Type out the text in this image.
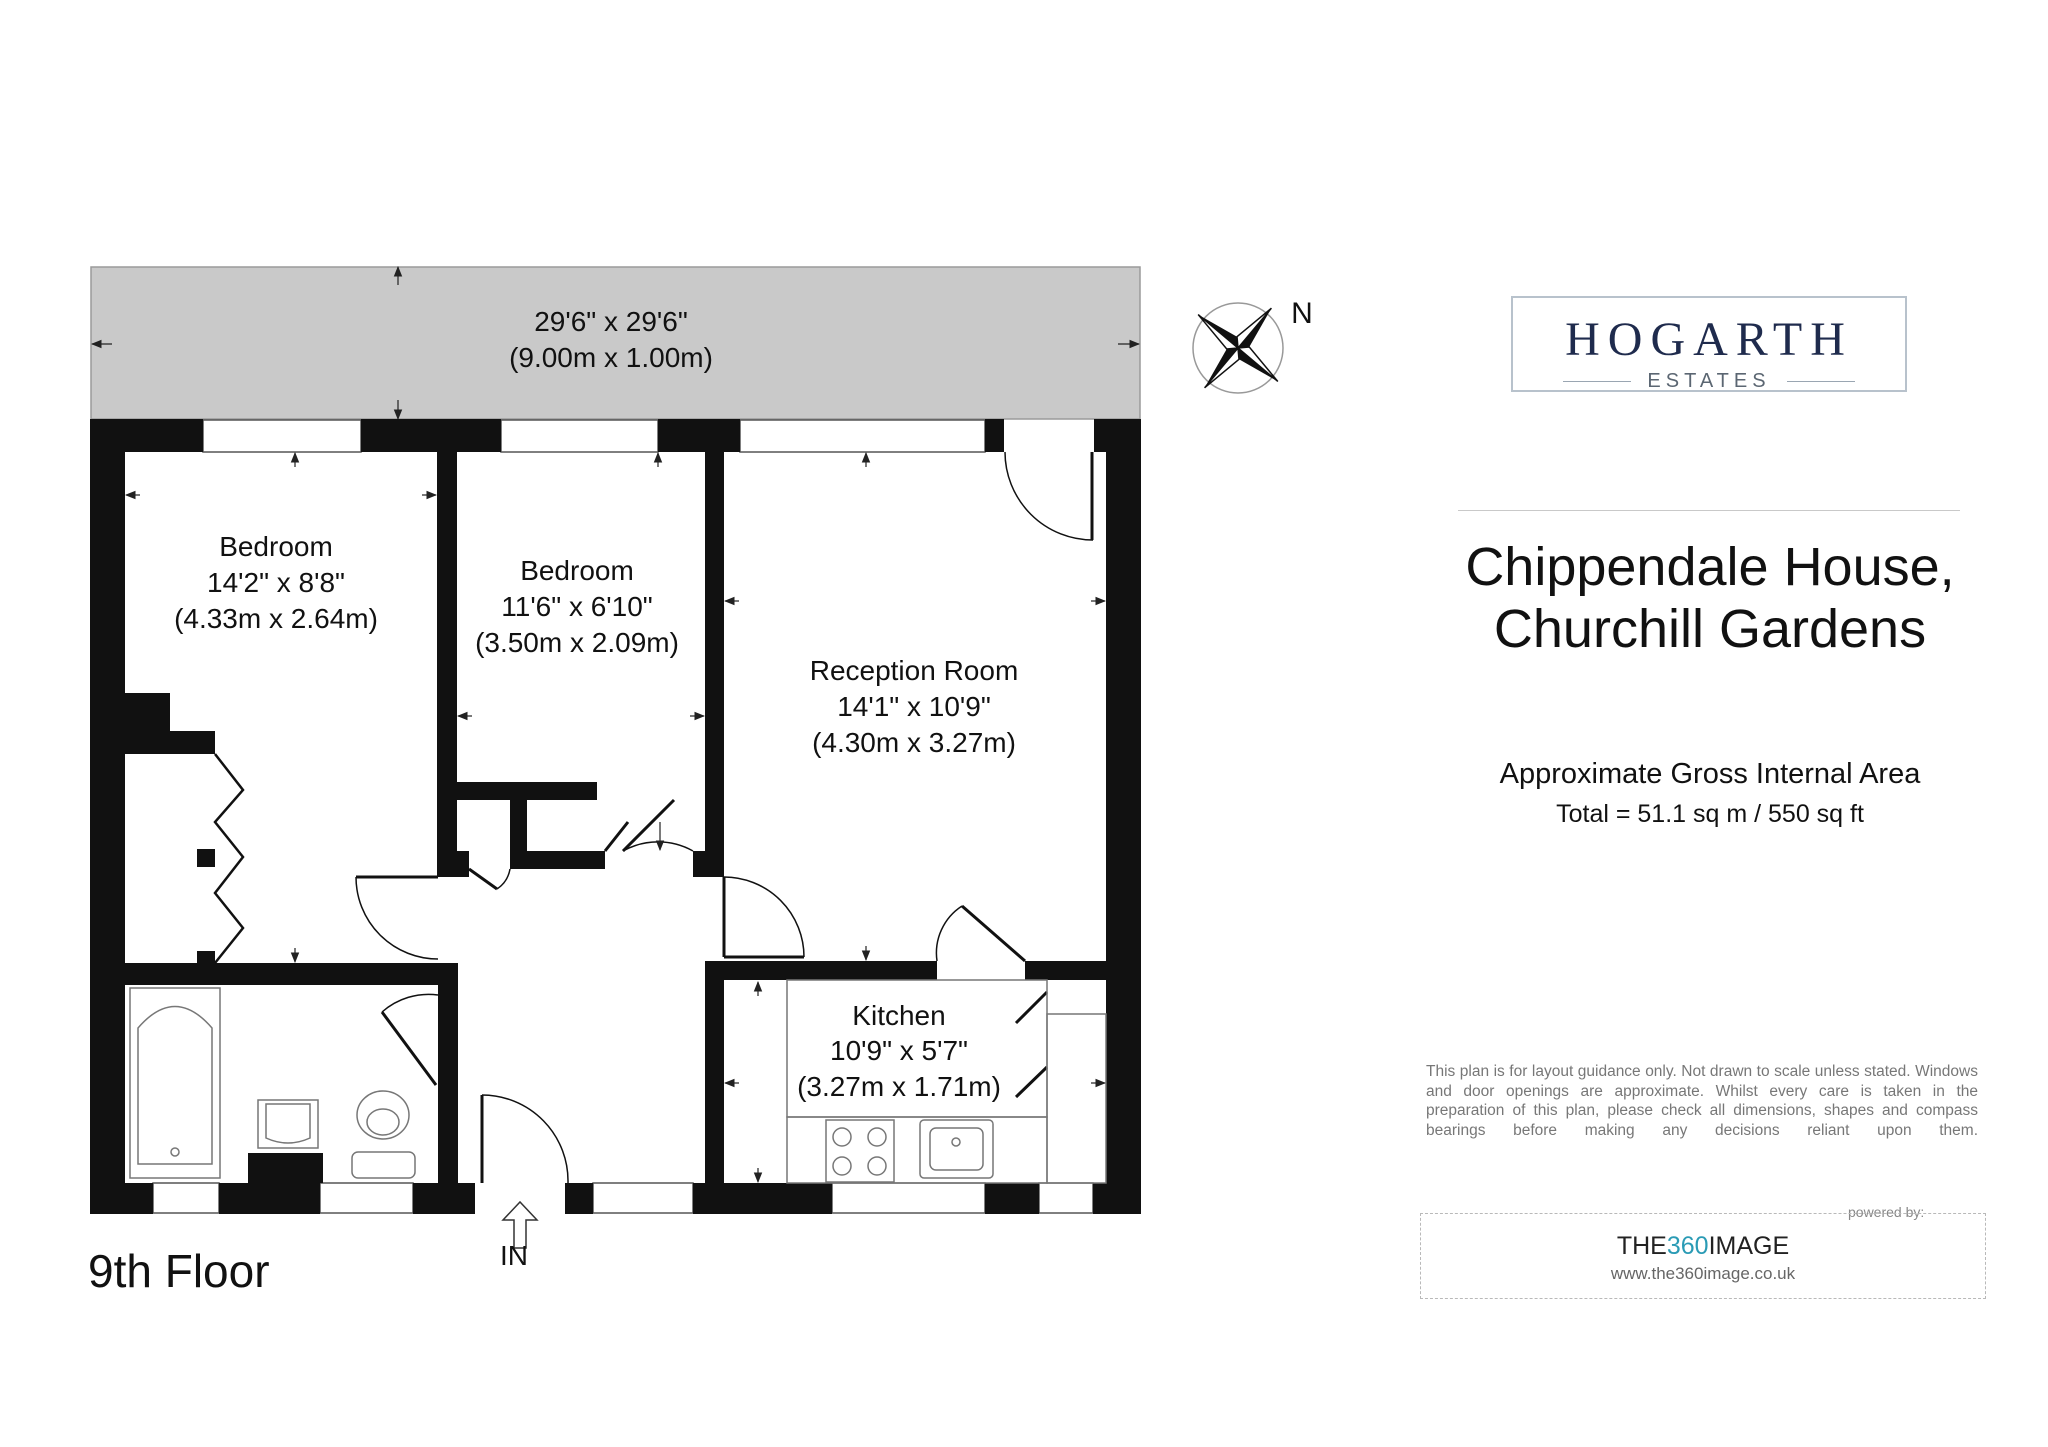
29'6" x 29'6"
(9.00m x 1.00m)
Bedroom
14'2" x 8'8"
(4.33m x 2.64m)
Bedroom
11'6" x 6'10"
(3.50m x 2.09m)
Reception Room
14'1" x 10'9"
(4.30m x 3.27m)
Kitchen
10'9" x 5'7"
(3.27m x 1.71m)
N	HOGARTH
ESTATES
Chippendale House,
Churchill Gardens
Approximate Gross Internal Area
Total = 51.1 sq m / 550 sq ft
This plan is for layout guidance only. Not drawn to scale unless stated. Windows and door openings are approximate. Whilst every care is taken in the preparation of this plan, please check all dimensions, shapes and compass bearings before making any decisions reliant upon them.
powered by:
THE360IMAGE
www.the360image.co.uk
9th Floor	IN
